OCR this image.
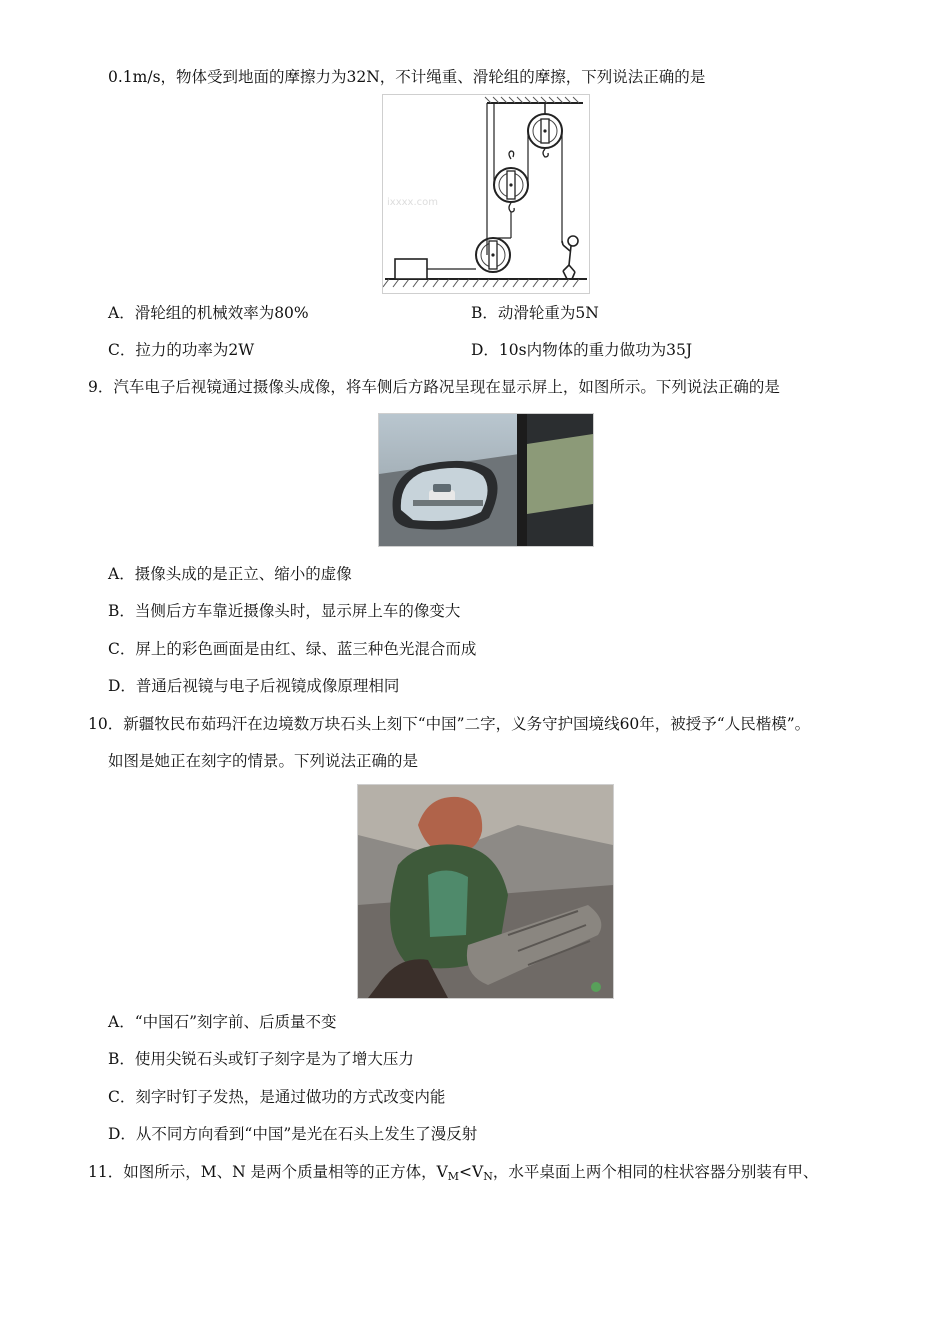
0.1m/s，物体受到地面的摩擦力为32N，不计绳重、滑轮组的摩擦，下列说法正确的是
ixxxx.com
A．滑轮组的机械效率为80%	B．动滑轮重为5N
C．拉力的功率为2W	D．10s内物体的重力做功为35J
9．汽车电子后视镜通过摄像头成像，将车侧后方路况呈现在显示屏上，如图所示。下列说法正确的是
A．摄像头成的是正立、缩小的虚像
B．当侧后方车靠近摄像头时，显示屏上车的像变大
C．屏上的彩色画面是由红、绿、蓝三种色光混合而成
D．普通后视镜与电子后视镜成像原理相同
10．新疆牧民布茹玛汗在边境数万块石头上刻下“中国”二字，义务守护国境线60年，被授予“人民楷模”。
如图是她正在刻字的情景。下列说法正确的是
A．“中国石”刻字前、后质量不变
B．使用尖锐石头或钉子刻字是为了增大压力
C．刻字时钉子发热，是通过做功的方式改变内能
D．从不同方向看到“中国”是光在石头上发生了漫反射
11．如图所示，M、N 是两个质量相等的正方体，$V_M<V_N$，水平桌面上两个相同的柱状容器分别装有甲、
